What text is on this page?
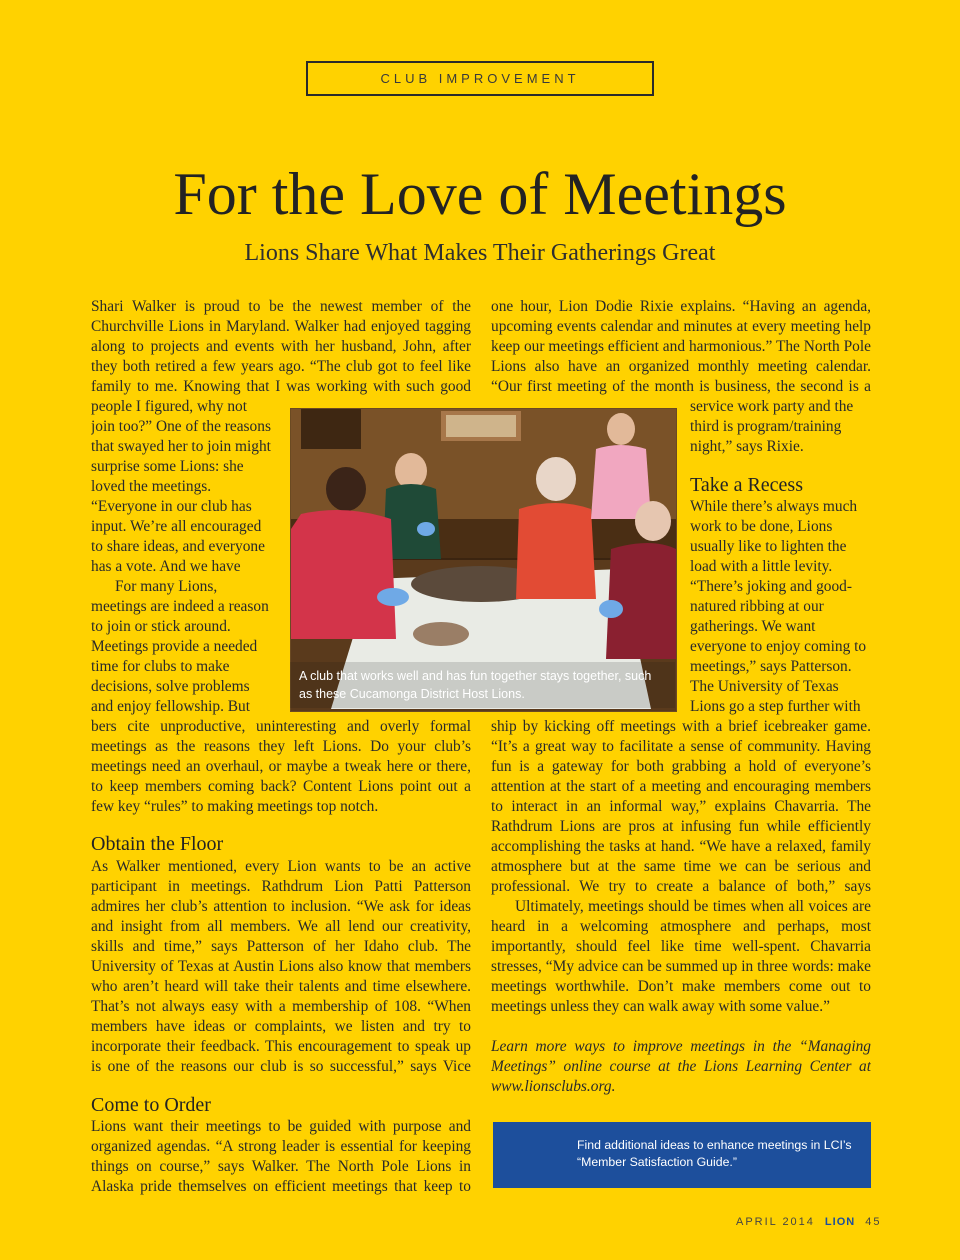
CLUB IMPROVEMENT
For the Love of Meetings
Lions Share What Makes Their Gatherings Great

Shari Walker is proud to be the newest member of the Churchville Lions in Maryland. Walker had enjoyed tagging along to projects and events with her husband, John, after they both retired a few years ago. “The club got to feel like family to me. Knowing that I was working with such good

people I figured, why not join too?” One of the reasons that swayed her to join might surprise some Lions: she loved the meetings. “Everyone in our club has input. We’re all encouraged to share ideas, and everyone has a vote. And we have

For many Lions, meetings are indeed a reason to join or stick around. Meetings provide a needed time for clubs to make decisions, solve problems and enjoy fellowship. But

bers cite unproductive, uninteresting and overly formal meetings as the reasons they left Lions. Do your club’s meetings need an overhaul, or maybe a tweak here or there, to keep members coming back? Content Lions point out a few key “rules” to making meetings top notch.

Obtain the Floor

As Walker mentioned, every Lion wants to be an active participant in meetings. Rathdrum Lion Patti Patterson admires her club’s attention to inclusion. “We ask for ideas and insight from all members. We all lend our creativity, skills and time,” says Patterson of her Idaho club. The University of Texas at Austin Lions also know that members who aren’t heard will take their talents and time elsewhere. That’s not always easy with a membership of 108. “When members have ideas or complaints, we listen and try to incorporate their feedback. This encouragement to speak up is one of the reasons our club is so successful,” says Vice

Come to Order

Lions want their meetings to be guided with purpose and organized agendas. “A strong leader is essential for keeping things on course,” says Walker. The North Pole Lions in Alaska pride themselves on efficient meetings that keep to

one hour, Lion Dodie Rixie explains. “Having an agenda, upcoming events calendar and minutes at every meeting help keep our meetings efficient and harmonious.” The North Pole Lions also have an organized monthly meeting calendar. “Our first meeting of the month is business, the second is a

service work party and the third is program/training night,” says Rixie.

Take a Recess

While there’s always much work to be done, Lions usually like to lighten the load with a little levity. “There’s joking and good-natured ribbing at our gatherings. We want everyone to enjoy coming to meetings,” says Patterson. The University of Texas Lions go a step further with

ship by kicking off meetings with a brief icebreaker game. “It’s a great way to facilitate a sense of community. Having fun is a gateway for both grabbing a hold of everyone’s attention at the start of a meeting and encouraging members to interact in an informal way,” explains Chavarria. The Rathdrum Lions are pros at infusing fun while efficiently accomplishing the tasks at hand. “We have a relaxed, family atmosphere but at the same time we can be serious and professional. We try to create a balance of both,” says

Ultimately, meetings should be times when all voices are heard in a welcoming atmosphere and perhaps, most importantly, should feel like time well-spent. Chavarria stresses, “My advice can be summed up in three words: make meetings worthwhile. Don’t make members come out to meetings unless they can walk away with some value.”

Learn more ways to improve meetings in the “Managing Meetings” online course at the Lions Learning Center at www.lionsclubs.org.

A club that works well and has fun together stays together, such as these Cucamonga District Host Lions.
Find additional ideas to enhance meetings in LCI’s “Member Satisfaction Guide.”
APRIL 2014 LION 45
